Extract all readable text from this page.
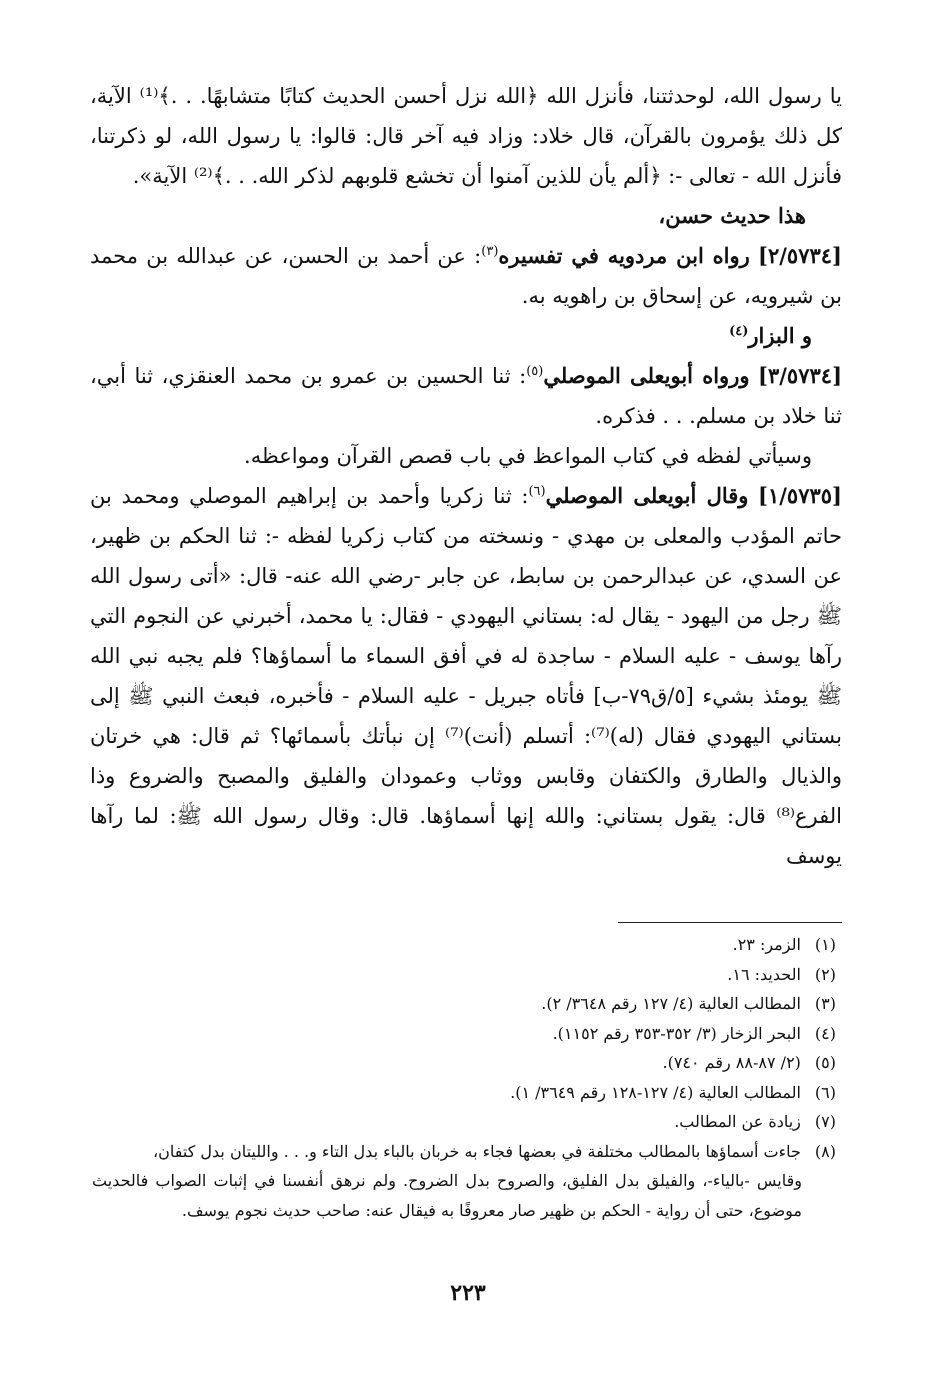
يا رسول الله، لوحدثتنا، فأنزل الله ﴿الله نزل أحسن الحديث كتابًا متشابهًا. . .﴾⁽¹⁾ الآية، كل ذلك يؤمرون بالقرآن، قال خلاد: وزاد فيه آخر قال: قالوا: يا رسول الله، لو ذكرتنا، فأنزل الله - تعالى -: ﴿ألم يأن للذين آمنوا أن تخشع قلوبهم لذكر الله. . .﴾⁽²⁾ الآية».

هذا حديث حسن،

[٢/٥٧٣٤] رواه ابن مردويه في تفسيره$^{(٣)}$: عن أحمد بن الحسن، عن عبدالله بن محمد بن شيرويه، عن إسحاق بن راهويه به.

و البزار$^{(٤)}$

[٣/٥٧٣٤] ورواه أبويعلى الموصلي$^{(٥)}$: ثنا الحسين بن عمرو بن محمد العنقزي، ثنا أبي، ثنا خلاد بن مسلم. . . فذكره.

وسيأتي لفظه في كتاب المواعظ في باب قصص القرآن ومواعظه.

[١/٥٧٣٥] وقال أبويعلى الموصلي$^{(٦)}$: ثنا زكريا وأحمد بن إبراهيم الموصلي ومحمد بن حاتم المؤدب والمعلى بن مهدي - ونسخته من كتاب زكريا لفظه -: ثنا الحكم بن ظهير، عن السدي، عن عبدالرحمن بن سابط، عن جابر -رضي الله عنه- قال: «أتى رسول الله ﷺ رجل من اليهود - يقال له: بستاني اليهودي - فقال: يا محمد، أخبرني عن النجوم التي رآها يوسف - عليه السلام - ساجدة له في أفق السماء ما أسماؤها؟ فلم يجبه نبي الله ﷺ يومئذ بشيء [٥/ق٧٩-ب] فأتاه جبريل - عليه السلام - فأخبره، فبعث النبي ﷺ إلى بستاني اليهودي فقال (له)⁽⁷⁾: أتسلم (أنت)⁽⁷⁾ إن نبأتك بأسمائها؟ ثم قال: هي خرتان والذيال والطارق والكتفان وقابس ووثاب وعمودان والفليق والمصبح والضروع وذا الفرع⁽⁸⁾ قال: يقول بستاني: والله إنها أسماؤها. قال: وقال رسول الله ﷺ: لما رآها يوسف

(١) الزمر: ٢٣.

(٢) الحديد: ١٦.

(٣) المطالب العالية (٤/ ١٢٧ رقم ٣٦٤٨/ ٢).

(٤) البحر الزخار (٣/ ٣٥٢-٣٥٣ رقم ١١٥٢).

(٥) (٢/ ٨٧-٨٨ رقم ٧٤٠).

(٦) المطالب العالية (٤/ ١٢٧-١٢٨ رقم ٣٦٤٩/ ١).

(٧) زيادة عن المطالب.

(٨) جاءت أسماؤها بالمطالب مختلفة في بعضها فجاء به خربان بالباء بدل التاء و. . . والليتان بدل كتفان،

وقايس -بالياء-، والفيلق بدل الفليق، والصروح بدل الضروح. ولم نرهق أنفسنا في إثبات الصواب فالحديث موضوع، حتى أن رواية - الحكم بن ظهير صار معروفًا به فيقال عنه: صاحب حديث نجوم يوسف.

٢٢٣
